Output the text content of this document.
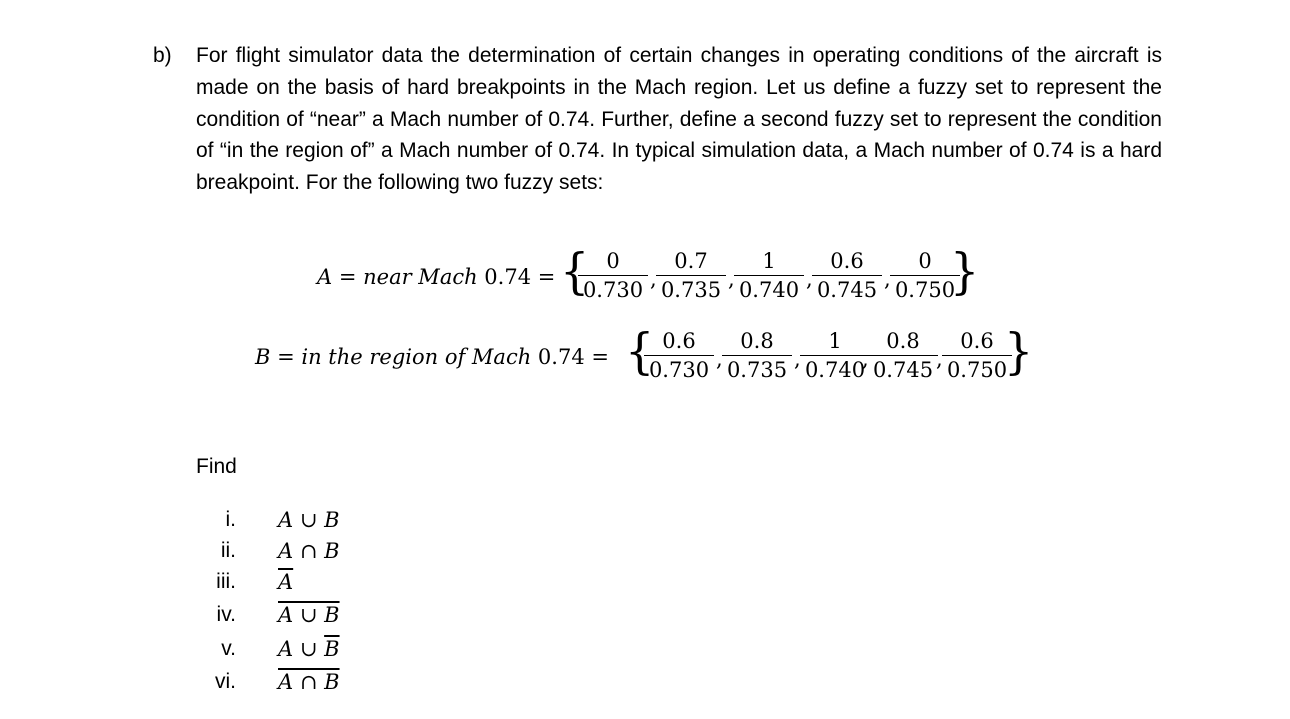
b) For flight simulator data the determination of certain changes in operating conditions of the aircraft is made on the basis of hard breakpoints in the Mach region. Let us define a fuzzy set to represent the condition of “near” a Mach number of 0.74. Further, define a second fuzzy set to represent the condition of “in the region of” a Mach number of 0.74. In typical simulation data, a Mach number of 0.74 is a hard breakpoint. For the following two fuzzy sets:
A = near Mach 0.74 = { 0
0.730 ,
0.7
0.735 ,
1
0.740 ,
0.6
0.745 ,
0
0.750
}
B = in the region of Mach 0.74 = { 0.6
0.730 ,
0.8
0.735 ,
1
0.740
,
0.8
0.745 ,
0.6
0.750
}
Find
i. A ∪ B
ii. A ∩ B
iii. $\overline{A}$
iv. A ∪ B
v. A ∪ $\overline{B}$
vi. A ∩ B
